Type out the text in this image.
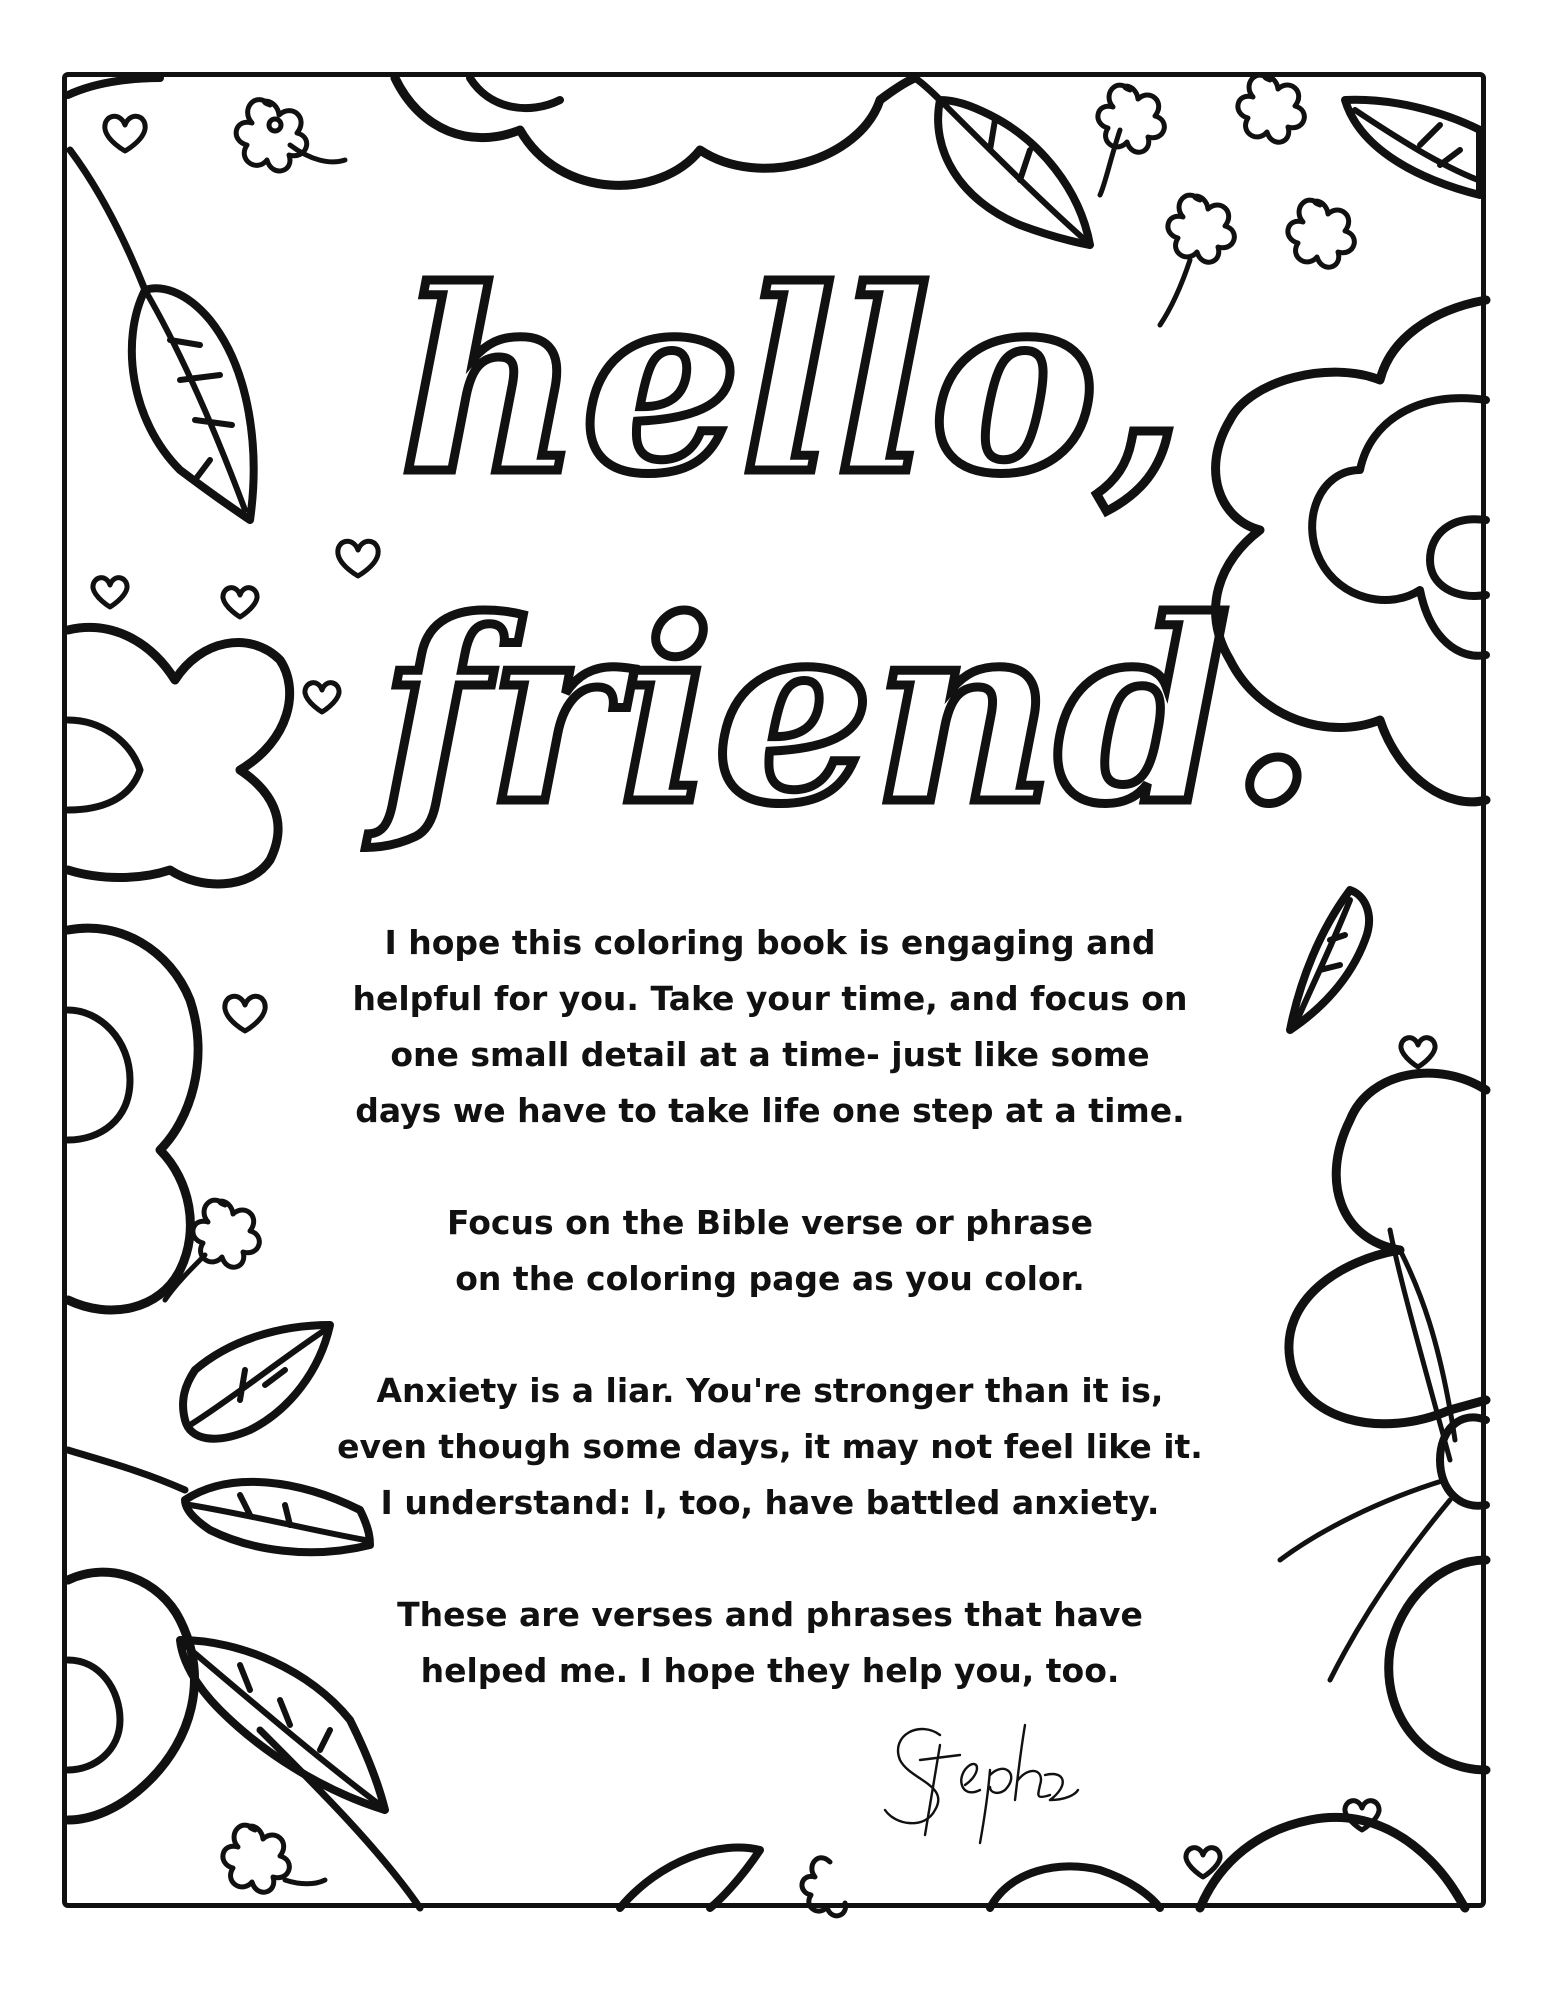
hello,
friend.
I hope this coloring book is engaging and
helpful for you. Take your time, and focus on
one small detail at a time- just like some
days we have to take life one step at a time.
Focus on the Bible verse or phrase
on the coloring page as you color.
Anxiety is a liar. You're stronger than it is,
even though some days, it may not feel like it.
I understand: I, too, have battled anxiety.
These are verses and phrases that have
helped me. I hope they help you, too.
